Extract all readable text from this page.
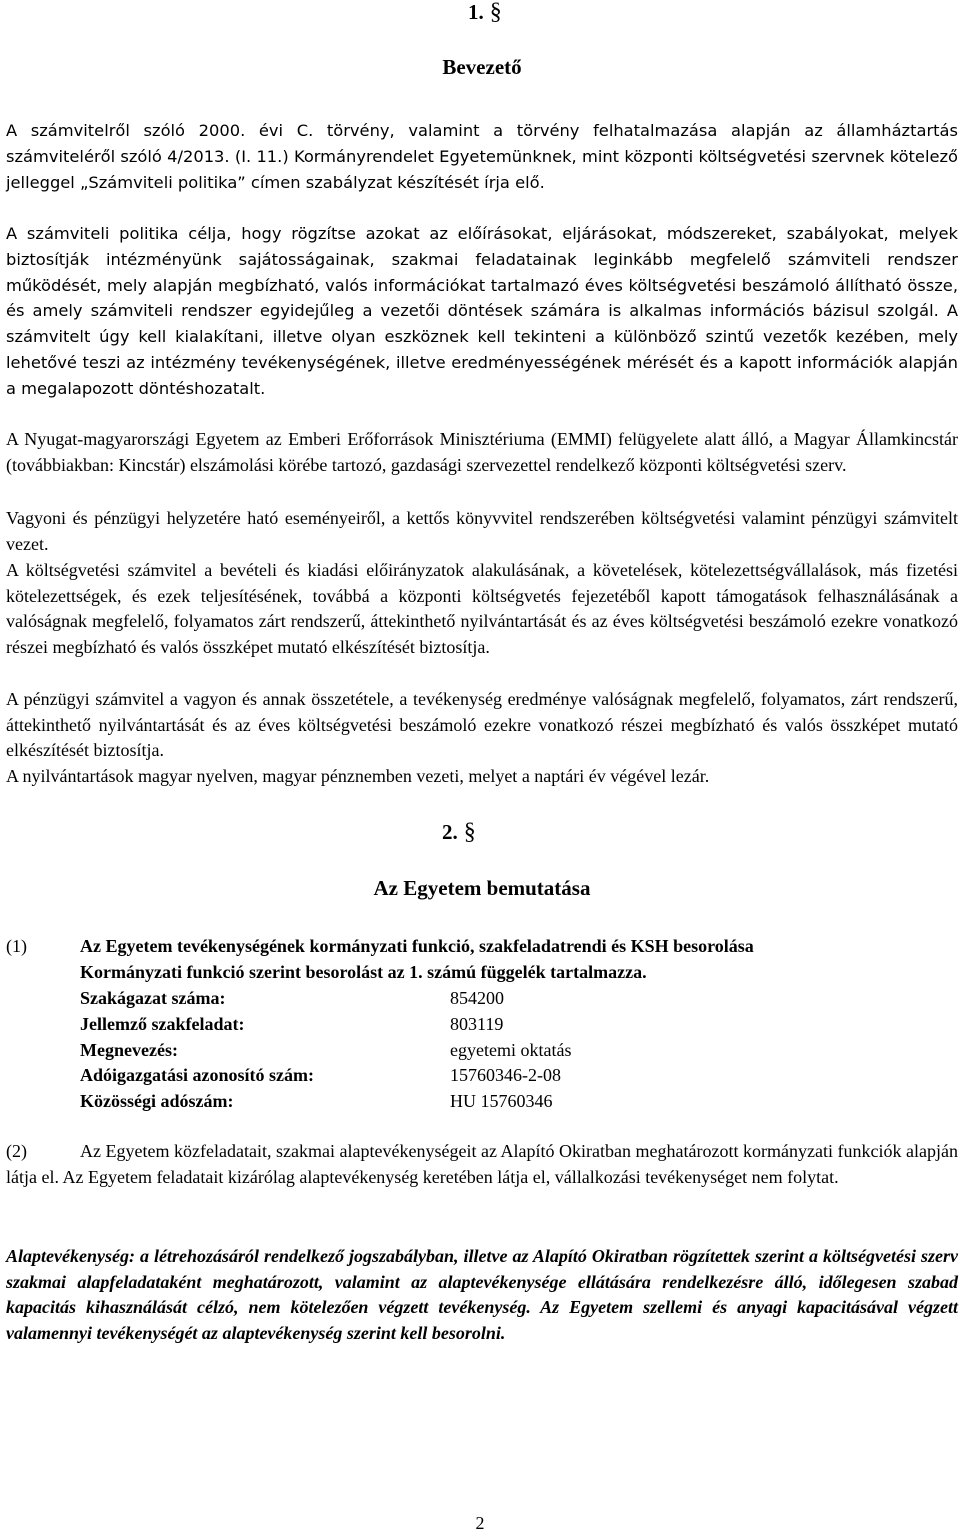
1. §
Bevezető

A számvitelről szóló 2000. évi C. törvény, valamint a törvény felhatalmazása alapján az államháztartás számviteléről szóló 4/2013. (I. 11.) Kormányrendelet Egyetemünknek, mint központi költségvetési szervnek kötelező jelleggel „Számviteli politika” címen szabályzat készítését írja elő.

A számviteli politika célja, hogy rögzítse azokat az előírásokat, eljárásokat, módszereket, szabályokat, melyek biztosítják intézményünk sajátosságainak, szakmai feladatainak leginkább megfelelő számviteli rendszer működését, mely alapján megbízható, valós információkat tartalmazó éves költségvetési beszámoló állítható össze, és amely számviteli rendszer egyidejűleg a vezetői döntések számára is alkalmas információs bázisul szolgál. A számvitelt úgy kell kialakítani, illetve olyan eszköznek kell tekinteni a különböző szintű vezetők kezében, mely lehetővé teszi az intézmény tevékenységének, illetve eredményességének mérését és a kapott információk alapján a megalapozott döntéshozatalt.

A Nyugat-magyarországi Egyetem az Emberi Erőforrások Minisztériuma (EMMI) felügyelete alatt álló, a Magyar Államkincstár (továbbiakban: Kincstár) elszámolási körébe tartozó, gazdasági szervezettel rendelkező központi költségvetési szerv.

Vagyoni és pénzügyi helyzetére ható eseményeiről, a kettős könyvvitel rendszerében költségvetési valamint pénzügyi számvitelt vezet.

A költségvetési számvitel a bevételi és kiadási előirányzatok alakulásának, a követelések, kötelezettségvállalások, más fizetési kötelezettségek, és ezek teljesítésének, továbbá a központi költségvetés fejezetéből kapott támogatások felhasználásának a valóságnak megfelelő, folyamatos zárt rendszerű, áttekinthető nyilvántartását és az éves költségvetési beszámoló ezekre vonatkozó részei megbízható és valós összképet mutató elkészítését biztosítja.

A pénzügyi számvitel a vagyon és annak összetétele, a tevékenység eredménye valóságnak megfelelő, folyamatos, zárt rendszerű, áttekinthető nyilvántartását és az éves költségvetési beszámoló ezekre vonatkozó részei megbízható és valós összképet mutató elkészítését biztosítja.

A nyilvántartások magyar nyelven, magyar pénznemben vezeti, melyet a naptári év végével lezár.

2. §
Az Egyetem bemutatása
(1)	Az Egyetem tevékenységének kormányzati funkció, szakfeladatrendi és KSH besorolása
Kormányzati funkció szerint besorolást az 1. számú függelék tartalmazza.
Szakágazat száma:	854200
Jellemző szakfeladat:	803119
Megnevezés:	egyetemi oktatás
Adóigazgatási azonosító szám:	15760346-2-08
Közösségi adószám:	HU 15760346
(2)	Az Egyetem közfeladatait, szakmai alaptevékenységeit az Alapító Okiratban meghatározott kormányzati funkciók alapján látja el. Az Egyetem feladatait kizárólag alaptevékenység keretében látja el, vállalkozási tevékenységet nem folytat.
Alaptevékenység: a létrehozásáról rendelkező jogszabályban, illetve az Alapító Okiratban rögzítettek szerint a költségvetési szerv szakmai alapfeladataként meghatározott, valamint az alaptevékenysége ellátására rendelkezésre álló, időlegesen szabad kapacitás kihasználását célzó, nem kötelezően végzett tevékenység. Az Egyetem szellemi és anyagi kapacitásával végzett valamennyi tevékenységét az alaptevékenység szerint kell besorolni.
2
